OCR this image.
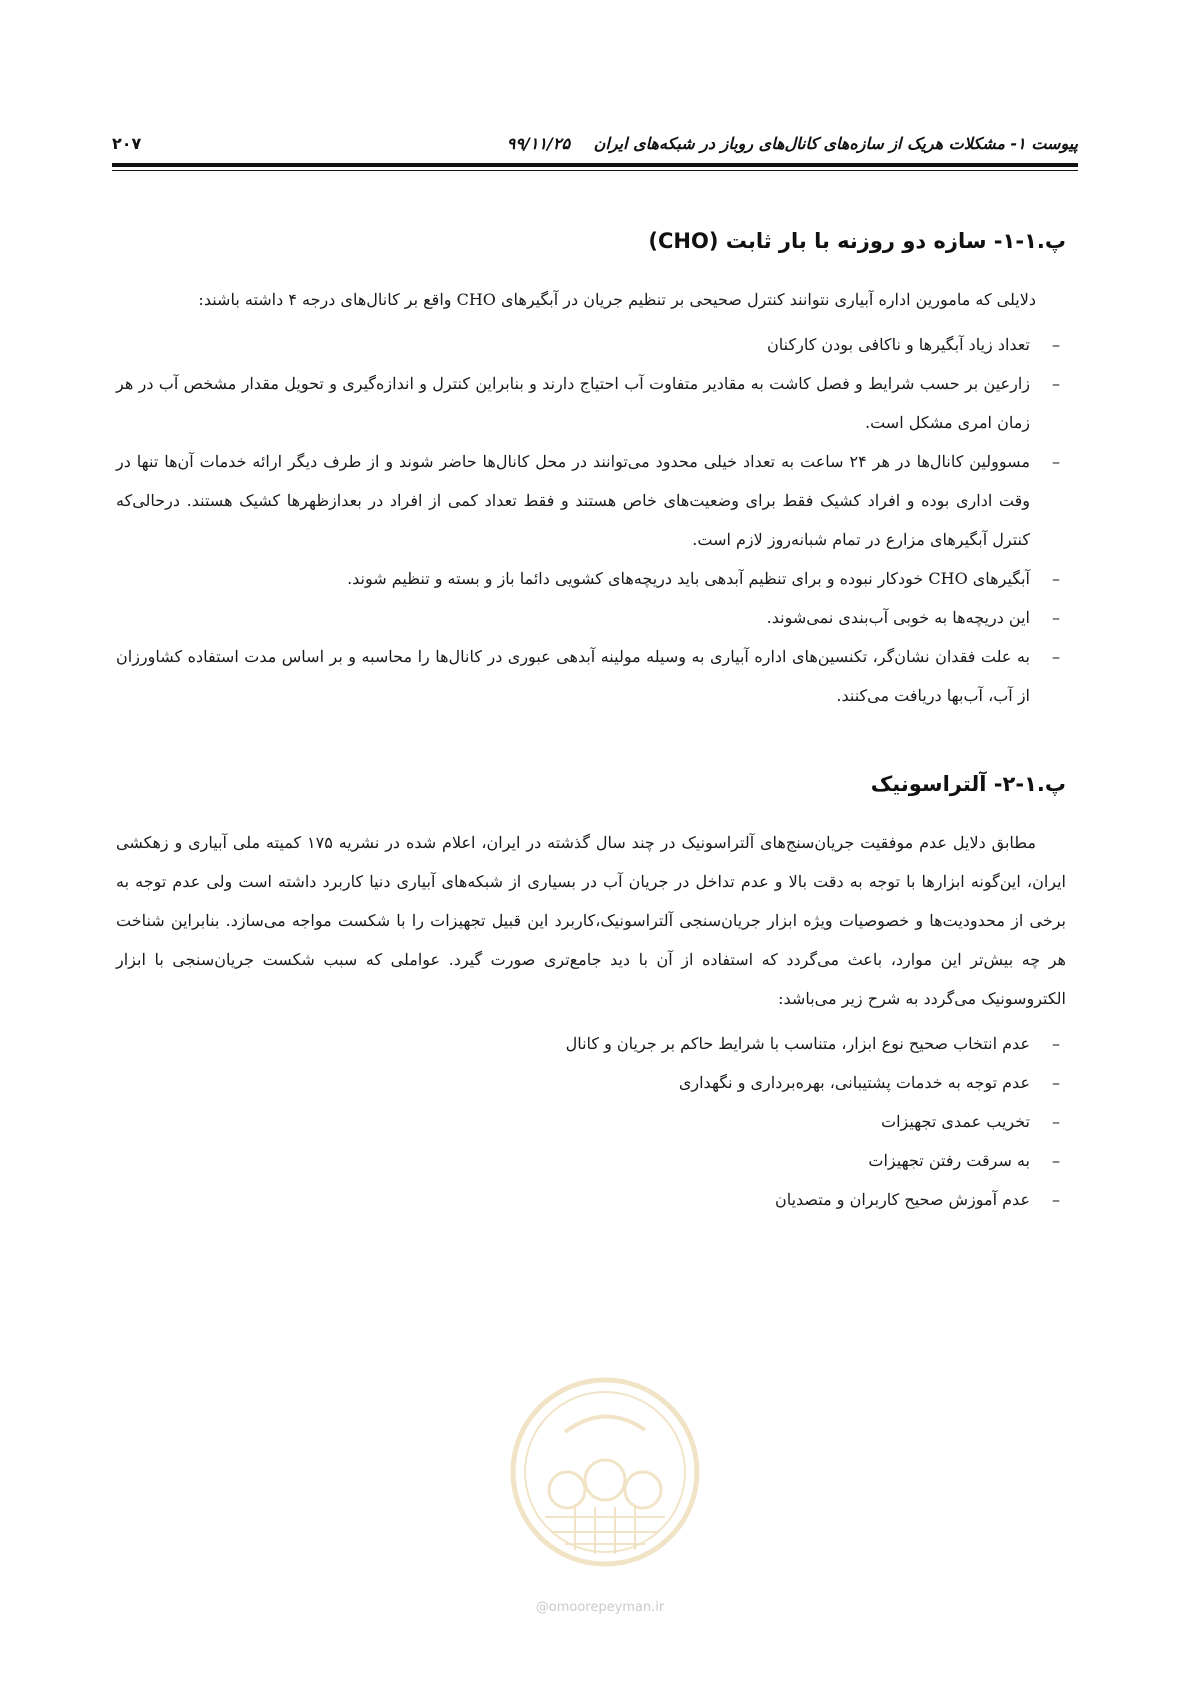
پیوست ۱- مشکلات هریک از سازه‌های کانال‌های روباز در شبکه‌های ایران ۹۹/۱۱/۲۵
۲۰۷
پ.۱-۱- سازه دو روزنه با بار ثابت (CHO)

دلایلی که مامورین اداره آبیاری نتوانند کنترل صحیحی بر تنظیم جریان در آبگیرهای CHO واقع بر کانال‌های درجه ۴ داشته باشند:

–
تعداد زیاد آبگیرها و ناکافی بودن کارکنان
–
زارعین بر حسب شرایط و فصل کاشت به مقادیر متفاوت آب احتیاج دارند و بنابراین کنترل و اندازه‌گیری و تحویل مقدار مشخص آب در هر زمان امری مشکل است.
–
مسوولین کانال‌ها در هر ۲۴ ساعت به تعداد خیلی محدود می‌توانند در محل کانال‌ها حاضر شوند و از طرف دیگر ارائه خدمات آن‌ها تنها در وقت اداری بوده و افراد کشیک فقط برای وضعیت‌های خاص هستند و فقط تعداد کمی از افراد در بعدازظهرها کشیک هستند. درحالی‌که کنترل آبگیرهای مزارع در تمام شبانه‌روز لازم است.
–
آبگیرهای CHO خودکار نبوده و برای تنظیم آبدهی باید دریچه‌های کشویی دائما باز و بسته و تنظیم شوند.
–
این دریچه‌ها به خوبی آب‌بندی نمی‌شوند.
–
به علت فقدان نشان‌گر، تکنسین‌های اداره آبیاری به وسیله مولینه آبدهی عبوری در کانال‌ها را محاسبه و بر اساس مدت استفاده کشاورزان از آب، آب‌بها دریافت می‌کنند.
پ.۱-۲- آلتراسونیک

مطابق دلایل عدم موفقیت جریان‌سنج‌های آلتراسونیک در چند سال گذشته در ایران، اعلام شده در نشریه ۱۷۵ کمیته ملی آبیاری و زهکشی ایران، این‌گونه ابزارها با توجه به دقت بالا و عدم تداخل در جریان آب در بسیاری از شبکه‌های آبیاری دنیا کاربرد داشته است ولی عدم توجه به برخی از محدودیت‌ها و خصوصیات ویژه ابزار جریان‌سنجی آلتراسونیک،کاربرد این قبیل تجهیزات را با شکست مواجه می‌سازد. بنابراین شناخت هر چه بیش‌تر این موارد، باعث می‌گردد که استفاده از آن با دید جامع‌تری صورت گیرد. عواملی که سبب شکست جریان‌سنجی با ابزار الکتروسونیک می‌گردد به شرح زیر می‌باشد:

–
عدم انتخاب صحیح نوع ابزار، متناسب با شرایط حاکم بر جریان و کانال
–
عدم توجه به خدمات پشتیبانی، بهره‌برداری و نگهداری
–
تخریب عمدی تجهیزات
–
به سرقت رفتن تجهیزات
–
عدم آموزش صحیح کاربران و متصدیان
@omoorepeyman.ir
